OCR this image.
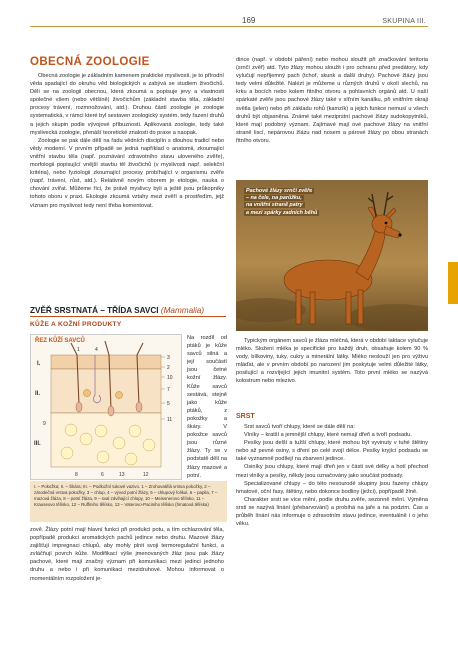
169	SKUPINA III.
OBECNÁ ZOOLOGIE

Obecná zoologie je základním kamenem praktické myslivosti, je to přírodní věda spadající do okruhu věd biologických a zabývá se studiem živočichů. Dělí se na zoologii obecnou, která zkoumá a popisuje jevy a vlastnosti společné všem (nebo většině) živočichům (základní stavba těla, základní procesy trávení, rozmnožování, atd.). Druhou částí zoologie je zoologie systematická, v rámci které byl sestaven zoologický systém, tedy řazení druhů a jejich skupin podle vývojové příbuznosti. Aplikovaná zoologie, tedy také myslivecká zoologie, přenáší teoretické znalosti do praxe a naopak.

Zoologie se pak dále dělí na řadu vědních disciplín s dlouhou tradicí nebo vědy moderní. V prvním případě se jedná například o anatomii, zkoumající vnitřní stavbu těla (např. poznávání zdravotního stavu uloveného zvěře), morfologii popisující vnější stavbu těl živočichů (v myslivosti např. selekční kritéria), nebo fyziologii zkoumající procesy probíhající v organismu zvěře (např. trávení, růst, atd.). Relativně novým oborem je etologie, nauka o chování zvířat. Můžeme říci, že právě myslivcy byli a ještě jsou průkopníky tohoto oboru v praxi. Ekologie zkoumá vztahy mezi zvěří a prostředím, jejž víznam pro myslivost tedy není třeba komentovat.

ZVĚŘ SRSTNATÁ – TŘÍDA SAVCI (Mammalia)
KŮŽE A KOŽNÍ PRODUKTY
ŘEZ KŮŽÍ SAVCŮ
I.
II.
III.
1	4
3
2
10
7
5
11
9
8	6	13	12
Na rozdíl od ptáků je kůže savců silná a její součástí jsou četné kožní žlázy. Kůže savců sestává, stejně jako kůže ptáků, z pokožky a škáry. V pokožce savců jsou různé žlázy. Ty se v podstatě dělí na žlázy mazové a potní.
I. – Pokožka; II. – Škára; III. – Podkožní tukové vazivo. 1 – Zrohovatělá vrstva pokožky, 2 – zárodečná vrstva pokožky, 3 – chlup, 4 – vývod potní žlázy, 5 – chlupový folikul, 6 – papila, 7 – mazová žláza, 8 – potní žláza, 9 – sval zdvihající chlupy, 10 – Meissnerovo tělísko, 11 – Krauseovo tělísko, 12 – Ruffiniho tělísko, 13 – Vaterovo-Paciniho tělísko (hmatová tělíska)

zově. Žlázy potní mají hlavní funkci při produkci potu, a tím ochlazování těla, popřípadě produkci aromatických pachů jedince nebo druhu. Mazové žlázy zajišťují impregnaci chlupů, aby mohly plnit svoji termoregulační funkci, a zvláčňují povrch kůže. Modifikací výše jmenovaných žláz jsou pak žlázy pachové, které mají značný význam při komunikaci mezi jedinci jednoho druhu a nebo i při komunikaci mezidruhové. Mohou informovat o momentálním rozpoložení je-

dince (např. v období páření) nebo mohou sloužit při značkování teritoria (srnčí zvěř) atd. Tyto žlázy mohou sloužit i pro ochranu před predátory, kdy vylučují nepříjemný pach (tchoř, skunk a další druhy). Pachové žlázy jsou tedy velmi důležité. Nalézt je můžeme u různých druhů v okolí slechů, na krku a bocích nebo kolem řitního otvoru a pohlavních orgánů atd. U naší spárkaté zvěře jsou pachové žlázy také v síťním kanálku, při vnitřním okraji světla (jelen) nebo při základu rohů (kamzík) a jejich funkce nemusí u všech druhů být objasněna. Známé také meziprstní pachové žlázy sudokopytníků, které mají podobný význam. Zajímavé mají ové pachové žlázy na vnitřní straně liscí, nepárovou žlázu nad nosem a párové žlázy po obou stranách řitního otvoru.

Pachové žlázy srnčí zvěře
– na čele, na parůžku,
na vnitřní straně patry
a mezi spárky zadních běhů

Typickým orgánem savců je žláza mléčná, která v období laktace vylučuje mléko. Složení mléka je specifické pro každý druh, obsahuje kolem 90 % vody, bílkoviny, tuky, cukry a minerální látky. Mléko neslouží jen pro výživu mláďat, ale v prvním období po narození jim poskytuje velmi důležité látky, posilující a rozvíjející jejich imunitní systém. Toto první mléko se nazývá kolostrum nebo mlezivo.

SRST

Srst savců tvoří chlupy, které se dále dělí na:

Vlníky – kratší a jemnější chlupy, které nemají dřeň a tvoří podsadu.

Pesíky jsou delší a tužší chlupy, které mohou být vyvinuty v tuhé štětiny nebo až pevné osiny, s dření po celé svojí délce. Pesíky kryjící podsadu se také vyznamně podílejí na zbarvení jedince.

Osiníky jsou chlupy, které mají dřeň jen v části své délky a hotí přechod mezi vlníky a pesíky, někdy jsou označovány jako součást podsady.

Specializované chlupy – do této nesourodé skupiny jsou řazeny chlupy hmatové, oční řasy, štětiny, nebo dokonce bodliny (ježci), popřípadě žíně.

Charakter srsti se více mění, podle druhu zvěře, sezonně mění. Výměna srsti se nazývá línání (přebarvování) a probíhá na jaře a na podzim. Čas a průběh línání nás informuje o zdravotním stavu jedince, eventuálně i o jeho věku.
